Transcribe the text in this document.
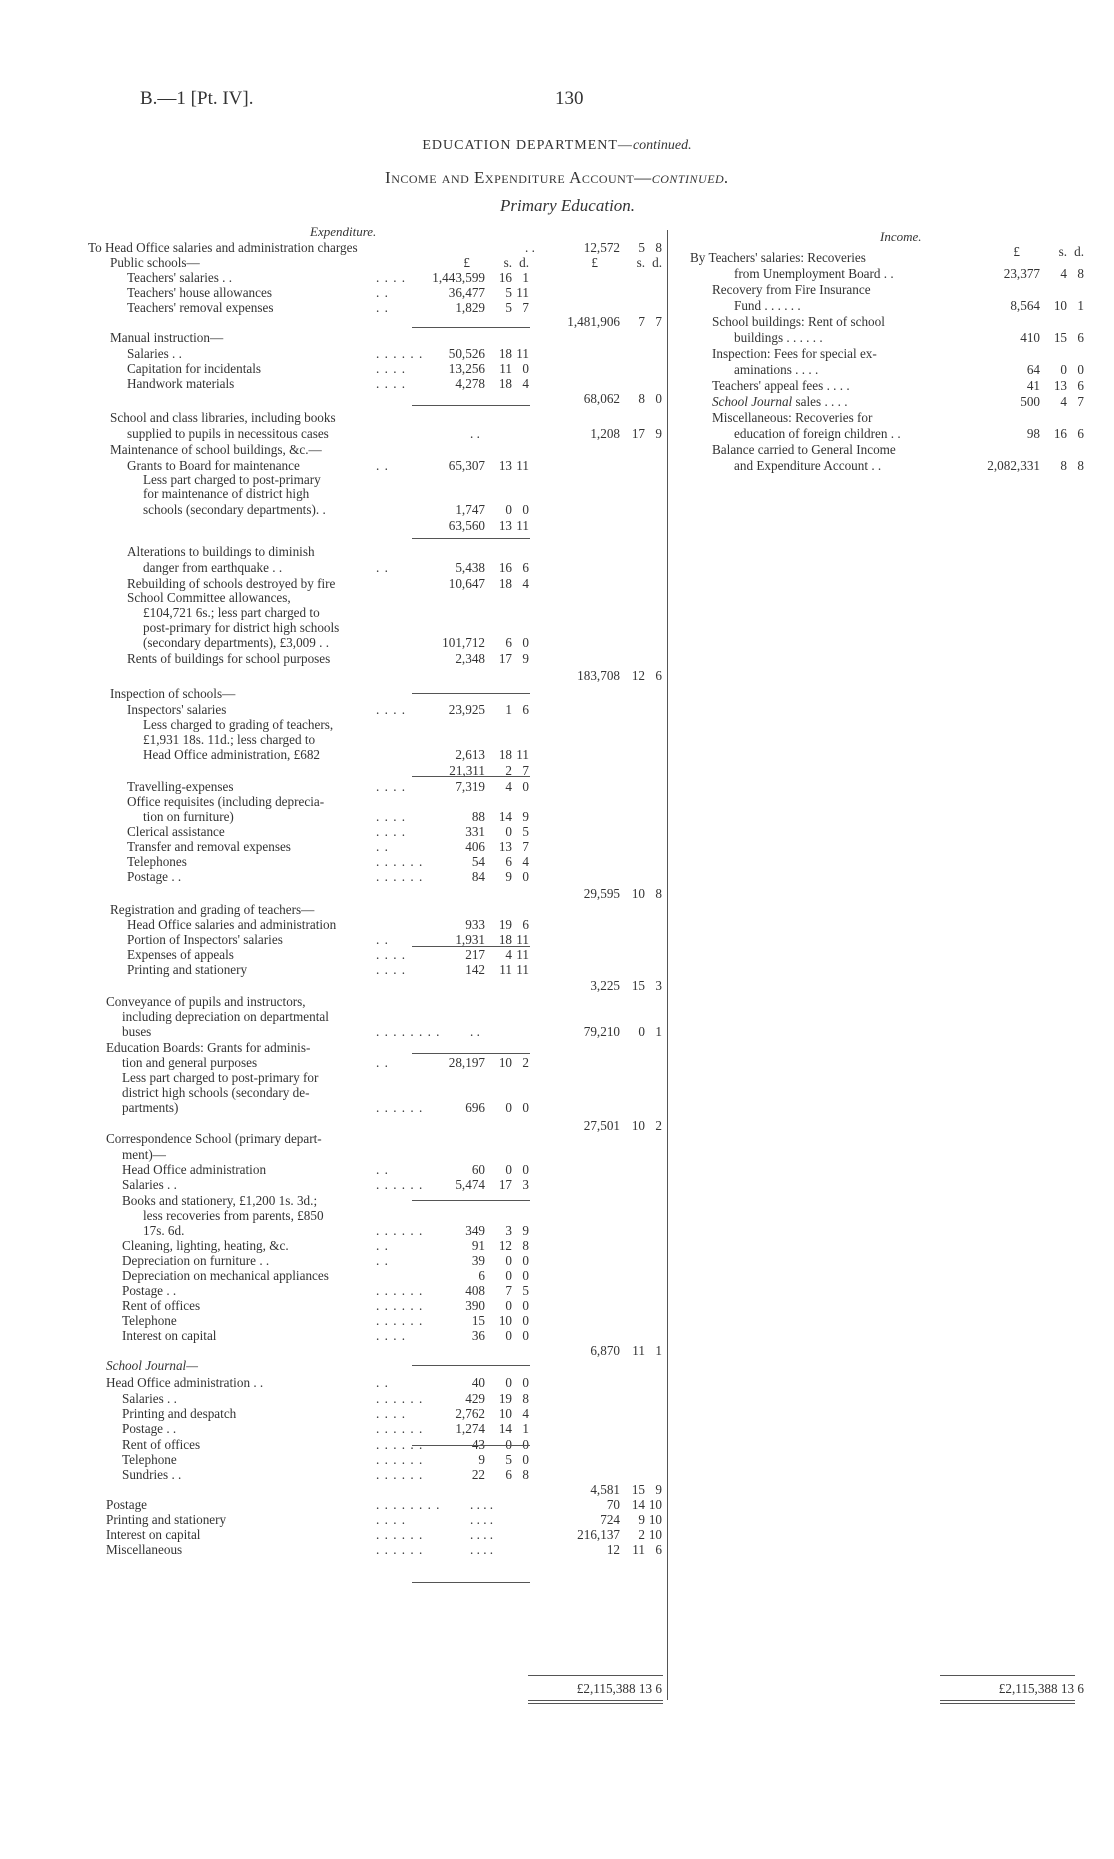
B.—1 [Pt. IV].	130
EDUCATION DEPARTMENT—continued.
Income and Expenditure Account—continued.
Primary Education.
Expenditure.	Income.
To Head Office salaries and administration charges	. .	12,572 5 8
£	s. d.
Public schools—	£	s. d.
Teachers' salaries . .	. . . . 1,443,599 16 1
Teachers' house allowances	. .	36,477 5 11
Teachers' removal expenses	. .	1,829 5 7
1,481,906 7 7
Manual instruction—
Salaries . .	. . . . . . 50,526 18 11
Capitation for incidentals	. . . .	13,256 11 0
Handwork materials	. . . .	4,278 18 4
68,062 8 0
School and class libraries, including books
supplied to pupils in necessitous cases	. .	1,208 17 9
Maintenance of school buildings, &c.—
Grants to Board for maintenance	. .	65,307 13 11
Less part charged to post-primary
for maintenance of district high
schools (secondary departments). .	1,747 0 0
63,560 13 11
Alterations to buildings to diminish
danger from earthquake . .	. .	5,438 16 6
Rebuilding of schools destroyed by fire	10,647 18 4
School Committee allowances,
£104,721 6s.; less part charged to
post-primary for district high schools
(secondary departments), £3,009 . .	101,712 6 0
Rents of buildings for school purposes	2,348 17 9
183,708 12 6
Inspection of schools—
Inspectors' salaries	. . . .	23,925 1 6
Less charged to grading of teachers,
£1,931 18s. 11d.; less charged to
Head Office administration, £682	2,613 18 11
21,311 2 7
Travelling-expenses	. . . .	7,319 4 0
Office requisites (including deprecia-
tion on furniture)	. . . .	88 14 9
Clerical assistance	. . . .	331 0 5
Transfer and removal expenses	. .	406 13 7
Telephones	. . . . . .	54 6 4
Postage . .	. . . . . .	84 9 0
29,595 10 8
Registration and grading of teachers—
Head Office salaries and administration	933 19 6
Portion of Inspectors' salaries	. .	1,931 18 11
Expenses of appeals	. . . .	217 4 11
Printing and stationery	. . . .	142 11 11
3,225 15 3
Conveyance of pupils and instructors,
including depreciation on departmental
buses	. . . . . . . . . .	79,210 0 1
Education Boards: Grants for adminis-
tion and general purposes	. .	28,197 10 2
Less part charged to post-primary for
district high schools (secondary de-
partments)	. . . . . .	696 0 0
27,501 10 2
Correspondence School (primary depart-
ment)—
Head Office administration	. .	60 0 0
Salaries . .	. . . . . . 5,474 17 3
Books and stationery, £1,200 1s. 3d.;
less recoveries from parents, £850
17s. 6d.	. . . . . .	349 3 9
Cleaning, lighting, heating, &c.	. .	91 12 8
Depreciation on furniture . .	. .	39 0 0
Depreciation on mechanical appliances	6 0 0
Postage . .	. . . . . .	408 7 5
Rent of offices	. . . . . .	390 0 0
Telephone	. . . . . .	15 10 0
Interest on capital	. . . .	36 0 0
6,870 11 1
School Journal—
Head Office administration . .	. .	40 0 0
Salaries . .	. . . . . .	429 19 8
Printing and despatch	. . . .	2,762 10 4
Postage . .	. . . . . . 1,274 14 1
Rent of offices	. . . . . .	43 0 0
Telephone	. . . . . .	9 5 0
Sundries . .	. . . . . .	22 6 8
4,581 15 9
Postage	. . . . . . . . . . . .	70 14 10
Printing and stationery	. . . .	. . . .	724 9 10
Interest on capital	. . . . . .	. . . .	216,137 2 10
Miscellaneous	. . . . . .	. . . .	12 11 6
£2,115,388 13 6
£	s. d.
By Teachers' salaries: Recoveries
from Unemployment Board . .	23,377 4 8
Recovery from Fire Insurance
Fund . . . . . .	8,564 10 1
School buildings: Rent of school
buildings . . . . . .	410 15 6
Inspection: Fees for special ex-
aminations . . . .	64 0 0
Teachers' appeal fees . . . .	41 13 6
School Journal sales . . . .	500 4 7
Miscellaneous: Recoveries for
education of foreign children . .	98 16 6
Balance carried to General Income
and Expenditure Account . .	2,082,331 8 8
£2,115,388 13 6
